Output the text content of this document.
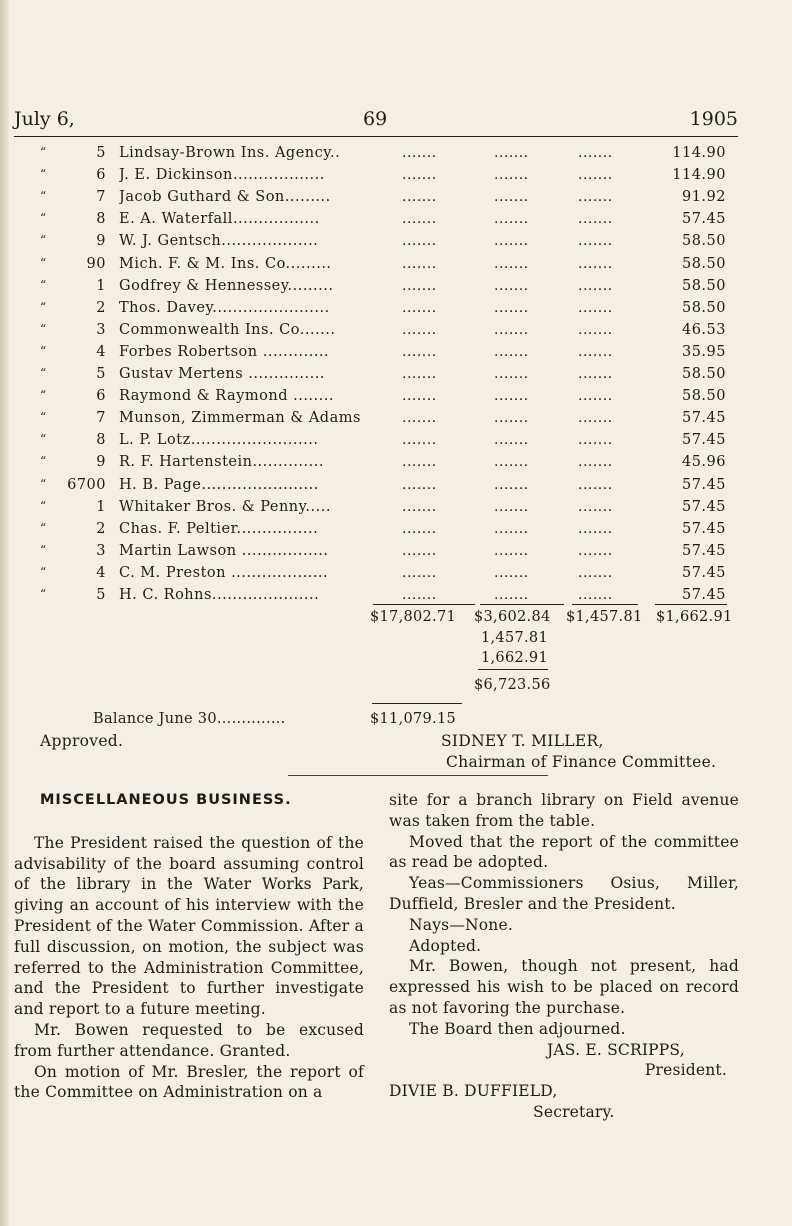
July 6,	69	1905
“	5 Lindsay-Brown Ins. Agency..	.......	.......	.......	114.90
“	6 J. E. Dickinson..................	.......	.......	.......	114.90
“	7 Jacob Guthard & Son.........	.......	.......	.......	91.92
“	8 E. A. Waterfall.................	.......	.......	.......	57.45
“	9 W. J. Gentsch...................	.......	.......	.......	58.50
“	90 Mich. F. & M. Ins. Co.........	.......	.......	.......	58.50
“	1 Godfrey & Hennessey.........	.......	.......	.......	58.50
“	2 Thos. Davey.......................	.......	.......	.......	58.50
“	3 Commonwealth Ins. Co.......	.......	.......	.......	46.53
“	4 Forbes Robertson .............	.......	.......	.......	35.95
“	5 Gustav Mertens ...............	.......	.......	.......	58.50
“	6 Raymond & Raymond ........	.......	.......	.......	58.50
“	7 Munson, Zimmerman & Adams	.......	.......	.......	57.45
“	8 L. P. Lotz.........................	.......	.......	.......	57.45
“	9 R. F. Hartenstein..............	.......	.......	.......	45.96
“	6700 H. B. Page.......................	.......	.......	.......	57.45
“	1 Whitaker Bros. & Penny.....	.......	.......	.......	57.45
“	2 Chas. F. Peltier................	.......	.......	.......	57.45
“	3 Martin Lawson .................	.......	.......	.......	57.45
“	4 C. M. Preston ...................	.......	.......	.......	57.45
“	5 H. C. Rohns.....................	.......	.......	.......	57.45
$17,802.71 $3,602.84 $1,457.81 $1,662.91
1,457.81
1,662.91
$6,723.56
Balance June 30..............	$11,079.15
Approved.	SIDNEY T. MILLER,
Chairman of Finance Committee.

MISCELLANEOUS BUSINESS.

The President raised the question of the advisability of the board assuming control of the library in the Water Works Park, giving an account of his interview with the President of the Water Commission. After a full discussion, on motion, the subject was referred to the Administration Committee, and the President to further investigate and report to a future meeting.

Mr. Bowen requested to be excused from further attendance. Granted.

On motion of Mr. Bresler, the report of the Committee on Administration on a

site for a branch library on Field avenue was taken from the table.

Moved that the report of the committee as read be adopted.

Yeas—Commissioners Osius, Miller, Duffield, Bresler and the President.

Nays—None.

Adopted.

Mr. Bowen, though not present, had expressed his wish to be placed on record as not favoring the purchase.

The Board then adjourned.

JAS. E. SCRIPPS,

President.

DIVIE B. DUFFIELD,

Secretary.
